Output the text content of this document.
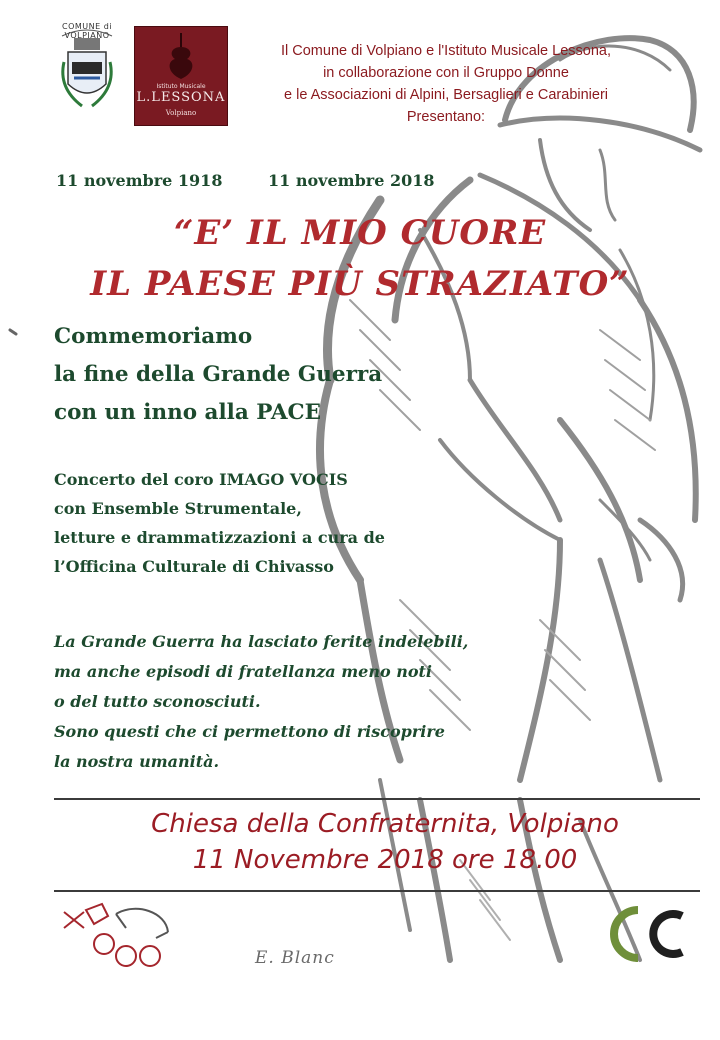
COMUNE di VOLPIANO
Istituto Musicale
L.LESSONA
Volpiano
Il Comune di Volpiano e l'Istituto Musicale Lessona,
in collaborazione con il Gruppo Donne
e le Associazioni di Alpini, Bersaglieri e Carabinieri
Presentano:
11 novembre 1918	11 novembre 2018
“E’ IL MIO CUORE
IL PAESE PIÙ STRAZIATO”
Commemoriamo
la fine della Grande Guerra
con un inno alla PACE
Concerto del coro IMAGO VOCIS
con Ensemble Strumentale,
letture e drammatizzazioni a cura de
l’Officina Culturale di Chivasso
La Grande Guerra ha lasciato ferite indelebili,
ma anche episodi di fratellanza meno noti
o del tutto sconosciuti.
Sono questi che ci permettono di riscoprire
la nostra umanità.
Chiesa della Confraternita, Volpiano
11 Novembre 2018 ore 18.00
E. Blanc
